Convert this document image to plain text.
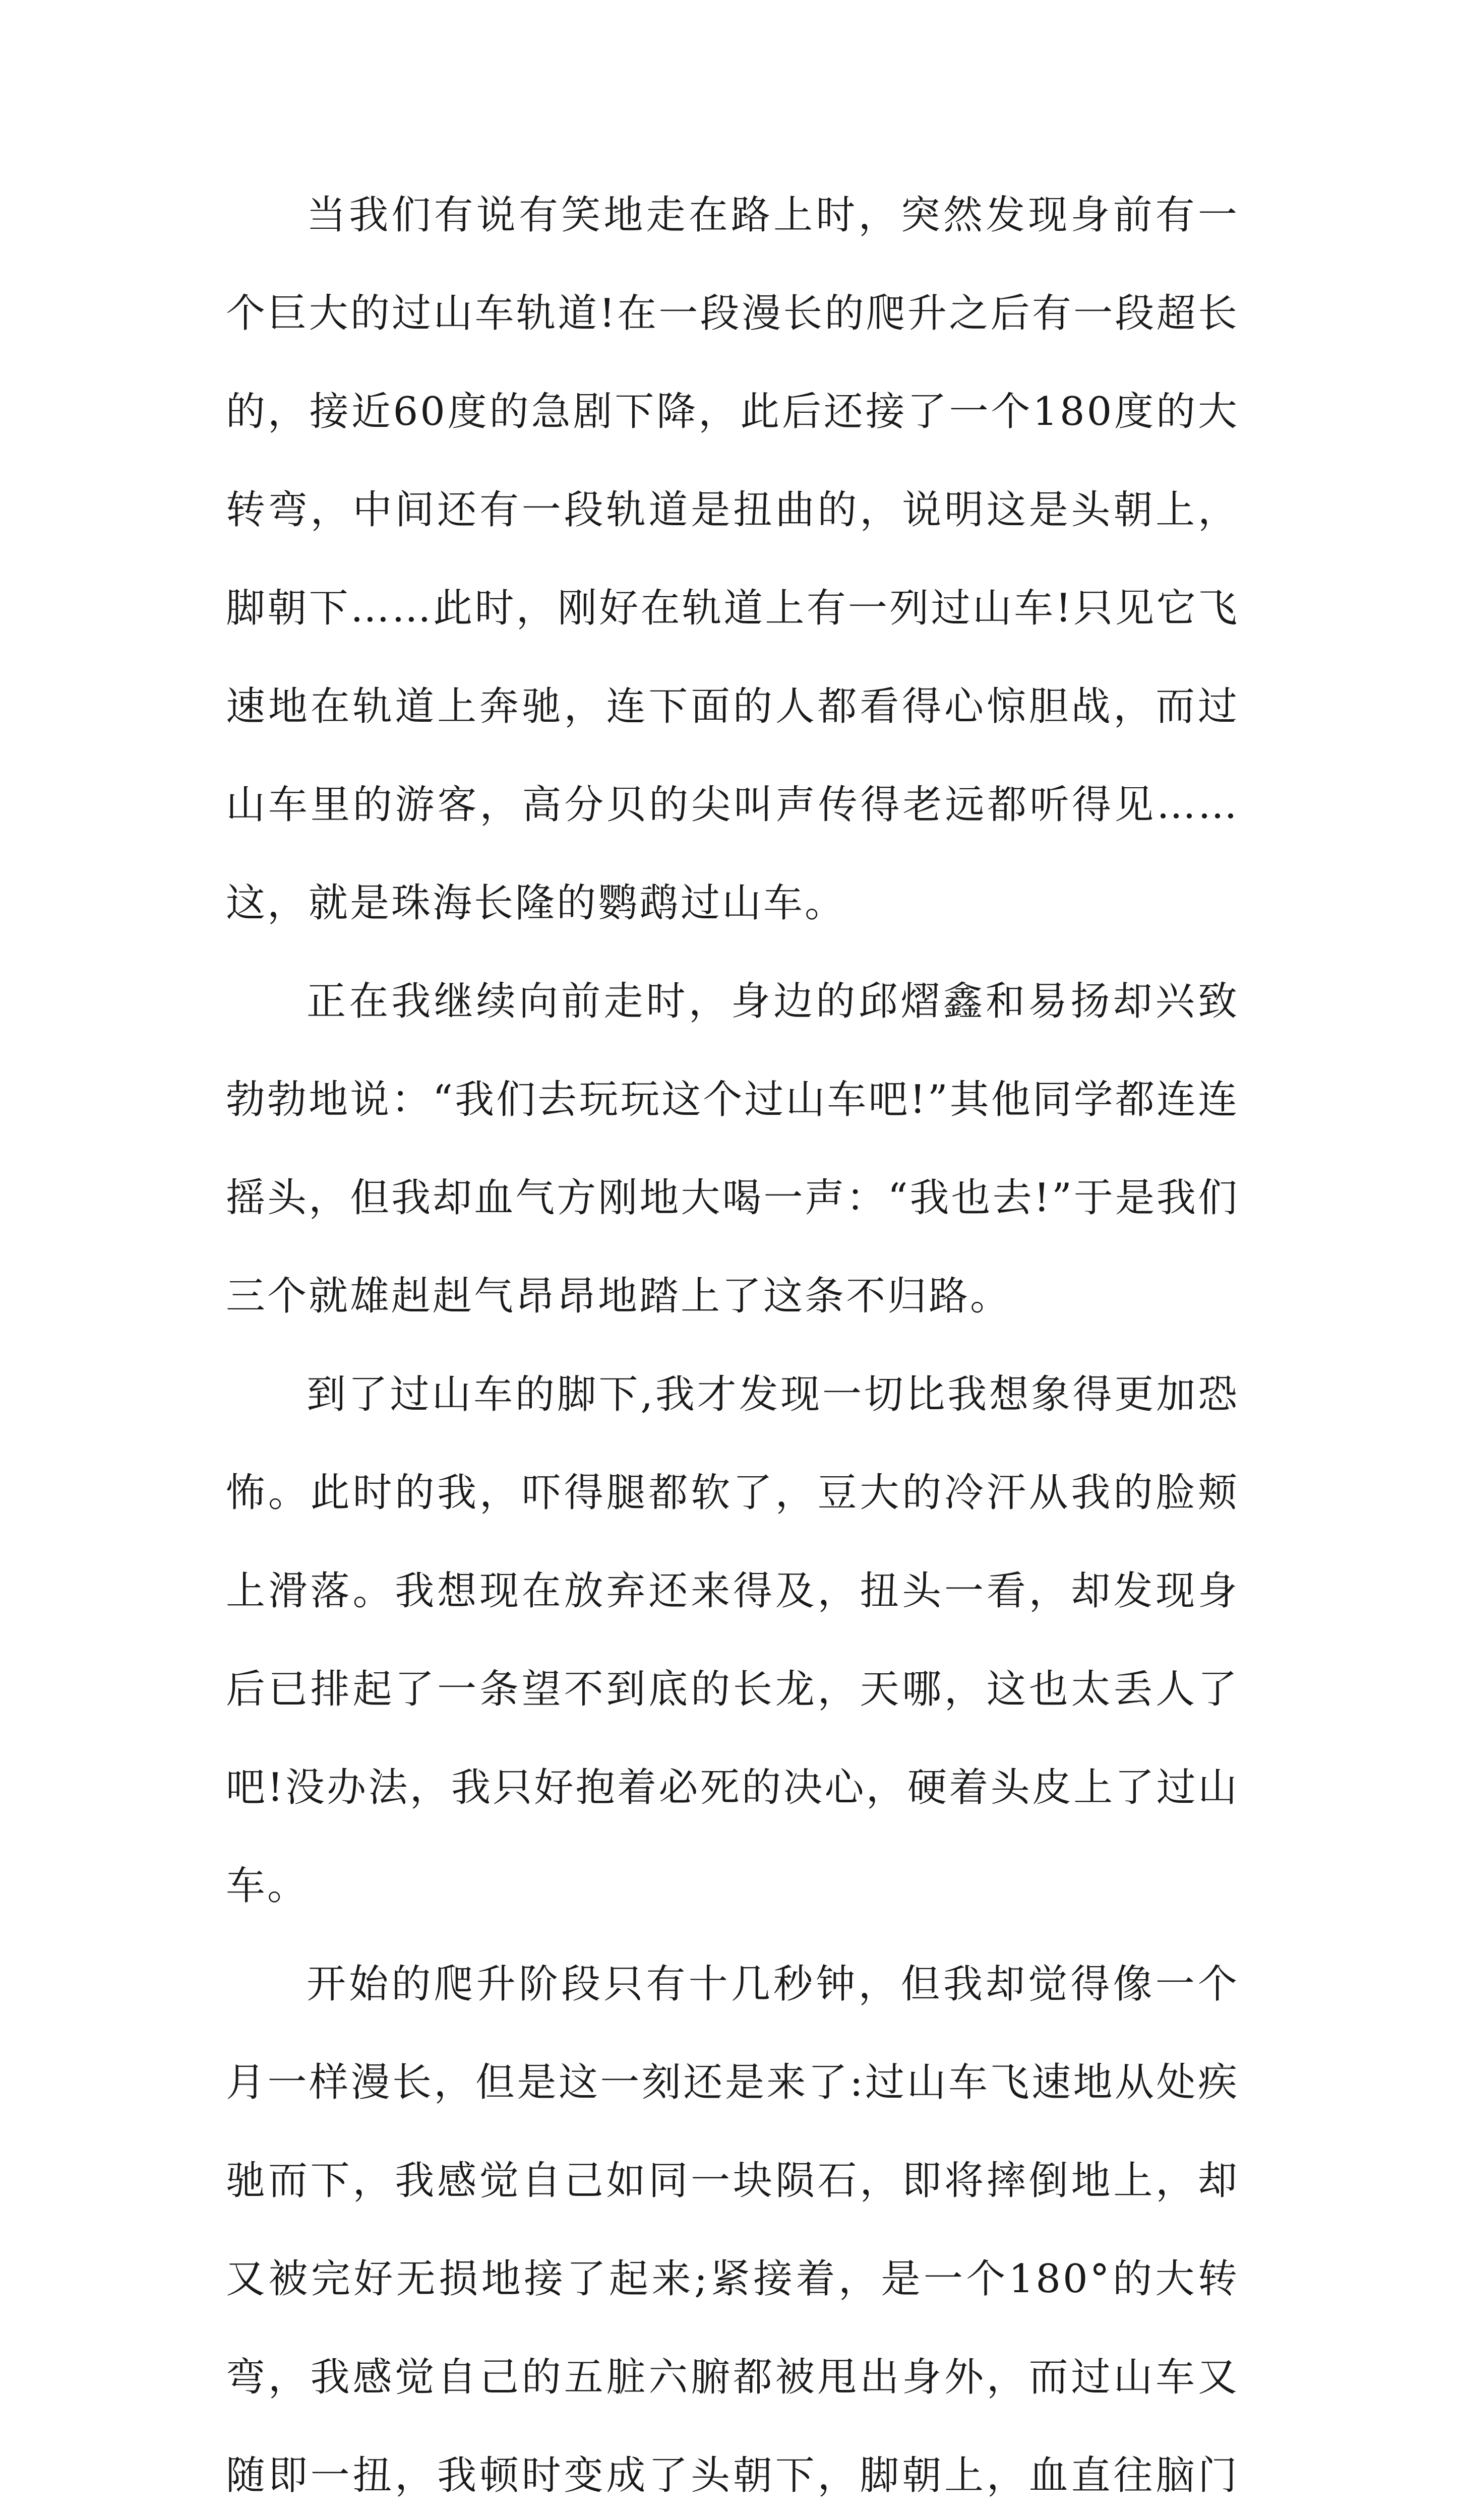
当我们有说有笑地走在路上时，突然发现身前有一个巨大的过山车轨道!在一段漫长的爬升之后有一段超长的，接近60度的急剧下降，此后还接了一个180度的大转弯，中间还有一段轨道是扭曲的，说明这是头朝上，脚朝下……此时，刚好在轨道上有一列过山车!只见它飞速地在轨道上奔驰，连下面的人都看得心惊胆战，而过山车里的游客，高分贝的尖叫声传得老远都听得见……这，就是珠海长隆的鹦鹉过山车。

正在我继续向前走时，身边的邱熠鑫和易扬却兴致勃勃地说：“我们去玩玩这个过山车吧!”其他同学都连连摇头，但我却血气方刚地大喝一声：“我也去!”于是我们三个就雄赳赳气昂昂地踏上了这条不归路。

到了过山车的脚下,我才发现一切比我想象得更加恐怖。此时的我，吓得腿都软了，豆大的冷汗从我的脸颊上滑落。我想现在放弃还来得及，扭头一看，却发现身后已排起了一条望不到底的长龙，天哪，这也太丢人了吧!没办法，我只好抱着必死的决心，硬着头皮上了过山车。

开始的爬升阶段只有十几秒钟，但我却觉得像一个月一样漫长，但是这一刻还是来了:过山车飞速地从处疾驰而下，我感觉自己如同一块陨石，即将摔倒地上，却又被完好无损地接了起来;紧接着，是一个180°的大转弯，我感觉自己的五脏六腑都被甩出身外，而过山车又随即一扭，我顿时变成了头朝下，脚朝上，血直往脑门
